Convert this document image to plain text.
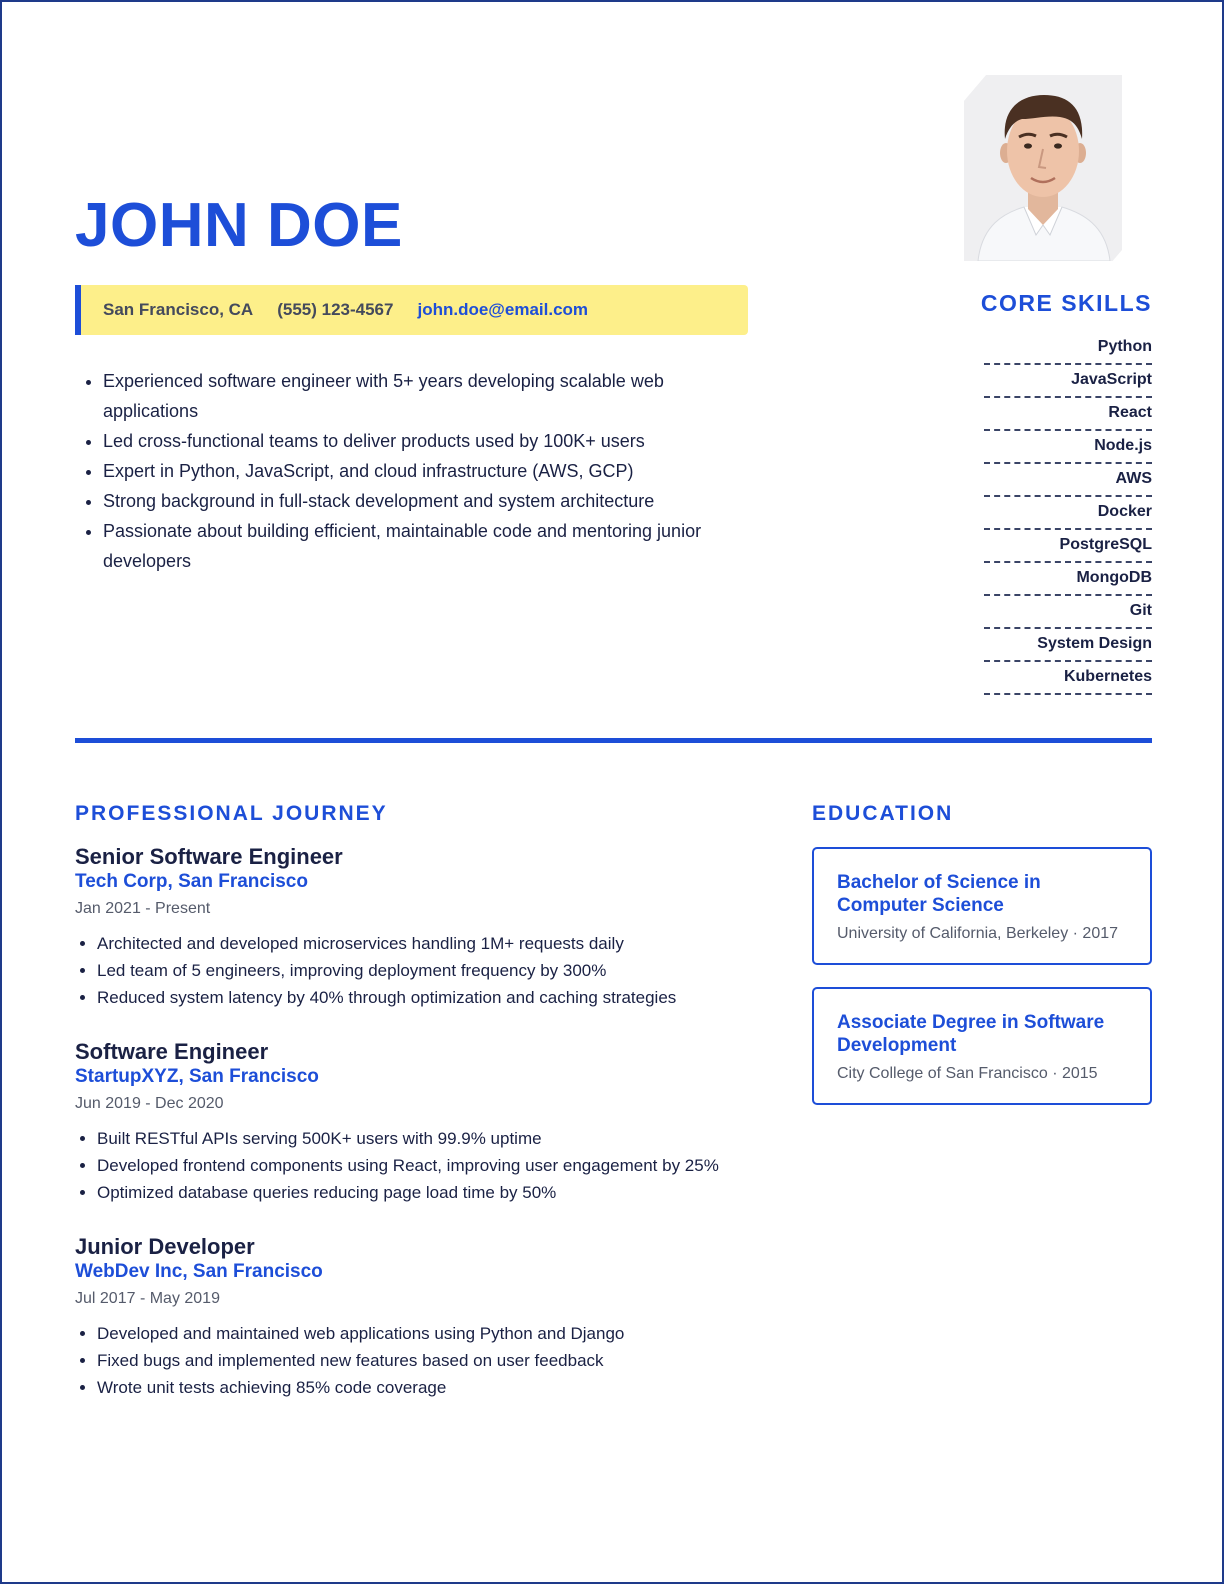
JOHN DOE
San Francisco, CA (555) 123-4567 john.doe@email.com
• Experienced software engineer with 5+ years developing scalable web applications
• Led cross-functional teams to deliver products used by 100K+ users
• Expert in Python, JavaScript, and cloud infrastructure (AWS, GCP)
• Strong background in full-stack development and system architecture
• Passionate about building efficient, maintainable code and mentoring junior developers
CORE SKILLS
Python
JavaScript
React
Node.js
AWS
Docker
PostgreSQL
MongoDB
Git
System Design
Kubernetes
PROFESSIONAL JOURNEY
Senior Software Engineer

Tech Corp, San Francisco

Jan 2021 - Present

• Architected and developed microservices handling 1M+ requests daily
• Led team of 5 engineers, improving deployment frequency by 300%
• Reduced system latency by 40% through optimization and caching strategies
Software Engineer

StartupXYZ, San Francisco

Jun 2019 - Dec 2020

• Built RESTful APIs serving 500K+ users with 99.9% uptime
• Developed frontend components using React, improving user engagement by 25%
• Optimized database queries reducing page load time by 50%
Junior Developer

WebDev Inc, San Francisco

Jul 2017 - May 2019

• Developed and maintained web applications using Python and Django
• Fixed bugs and implemented new features based on user feedback
• Wrote unit tests achieving 85% code coverage
EDUCATION

Bachelor of Science in Computer Science

University of California, Berkeley · 2017

Associate Degree in Software Development

City College of San Francisco · 2015
